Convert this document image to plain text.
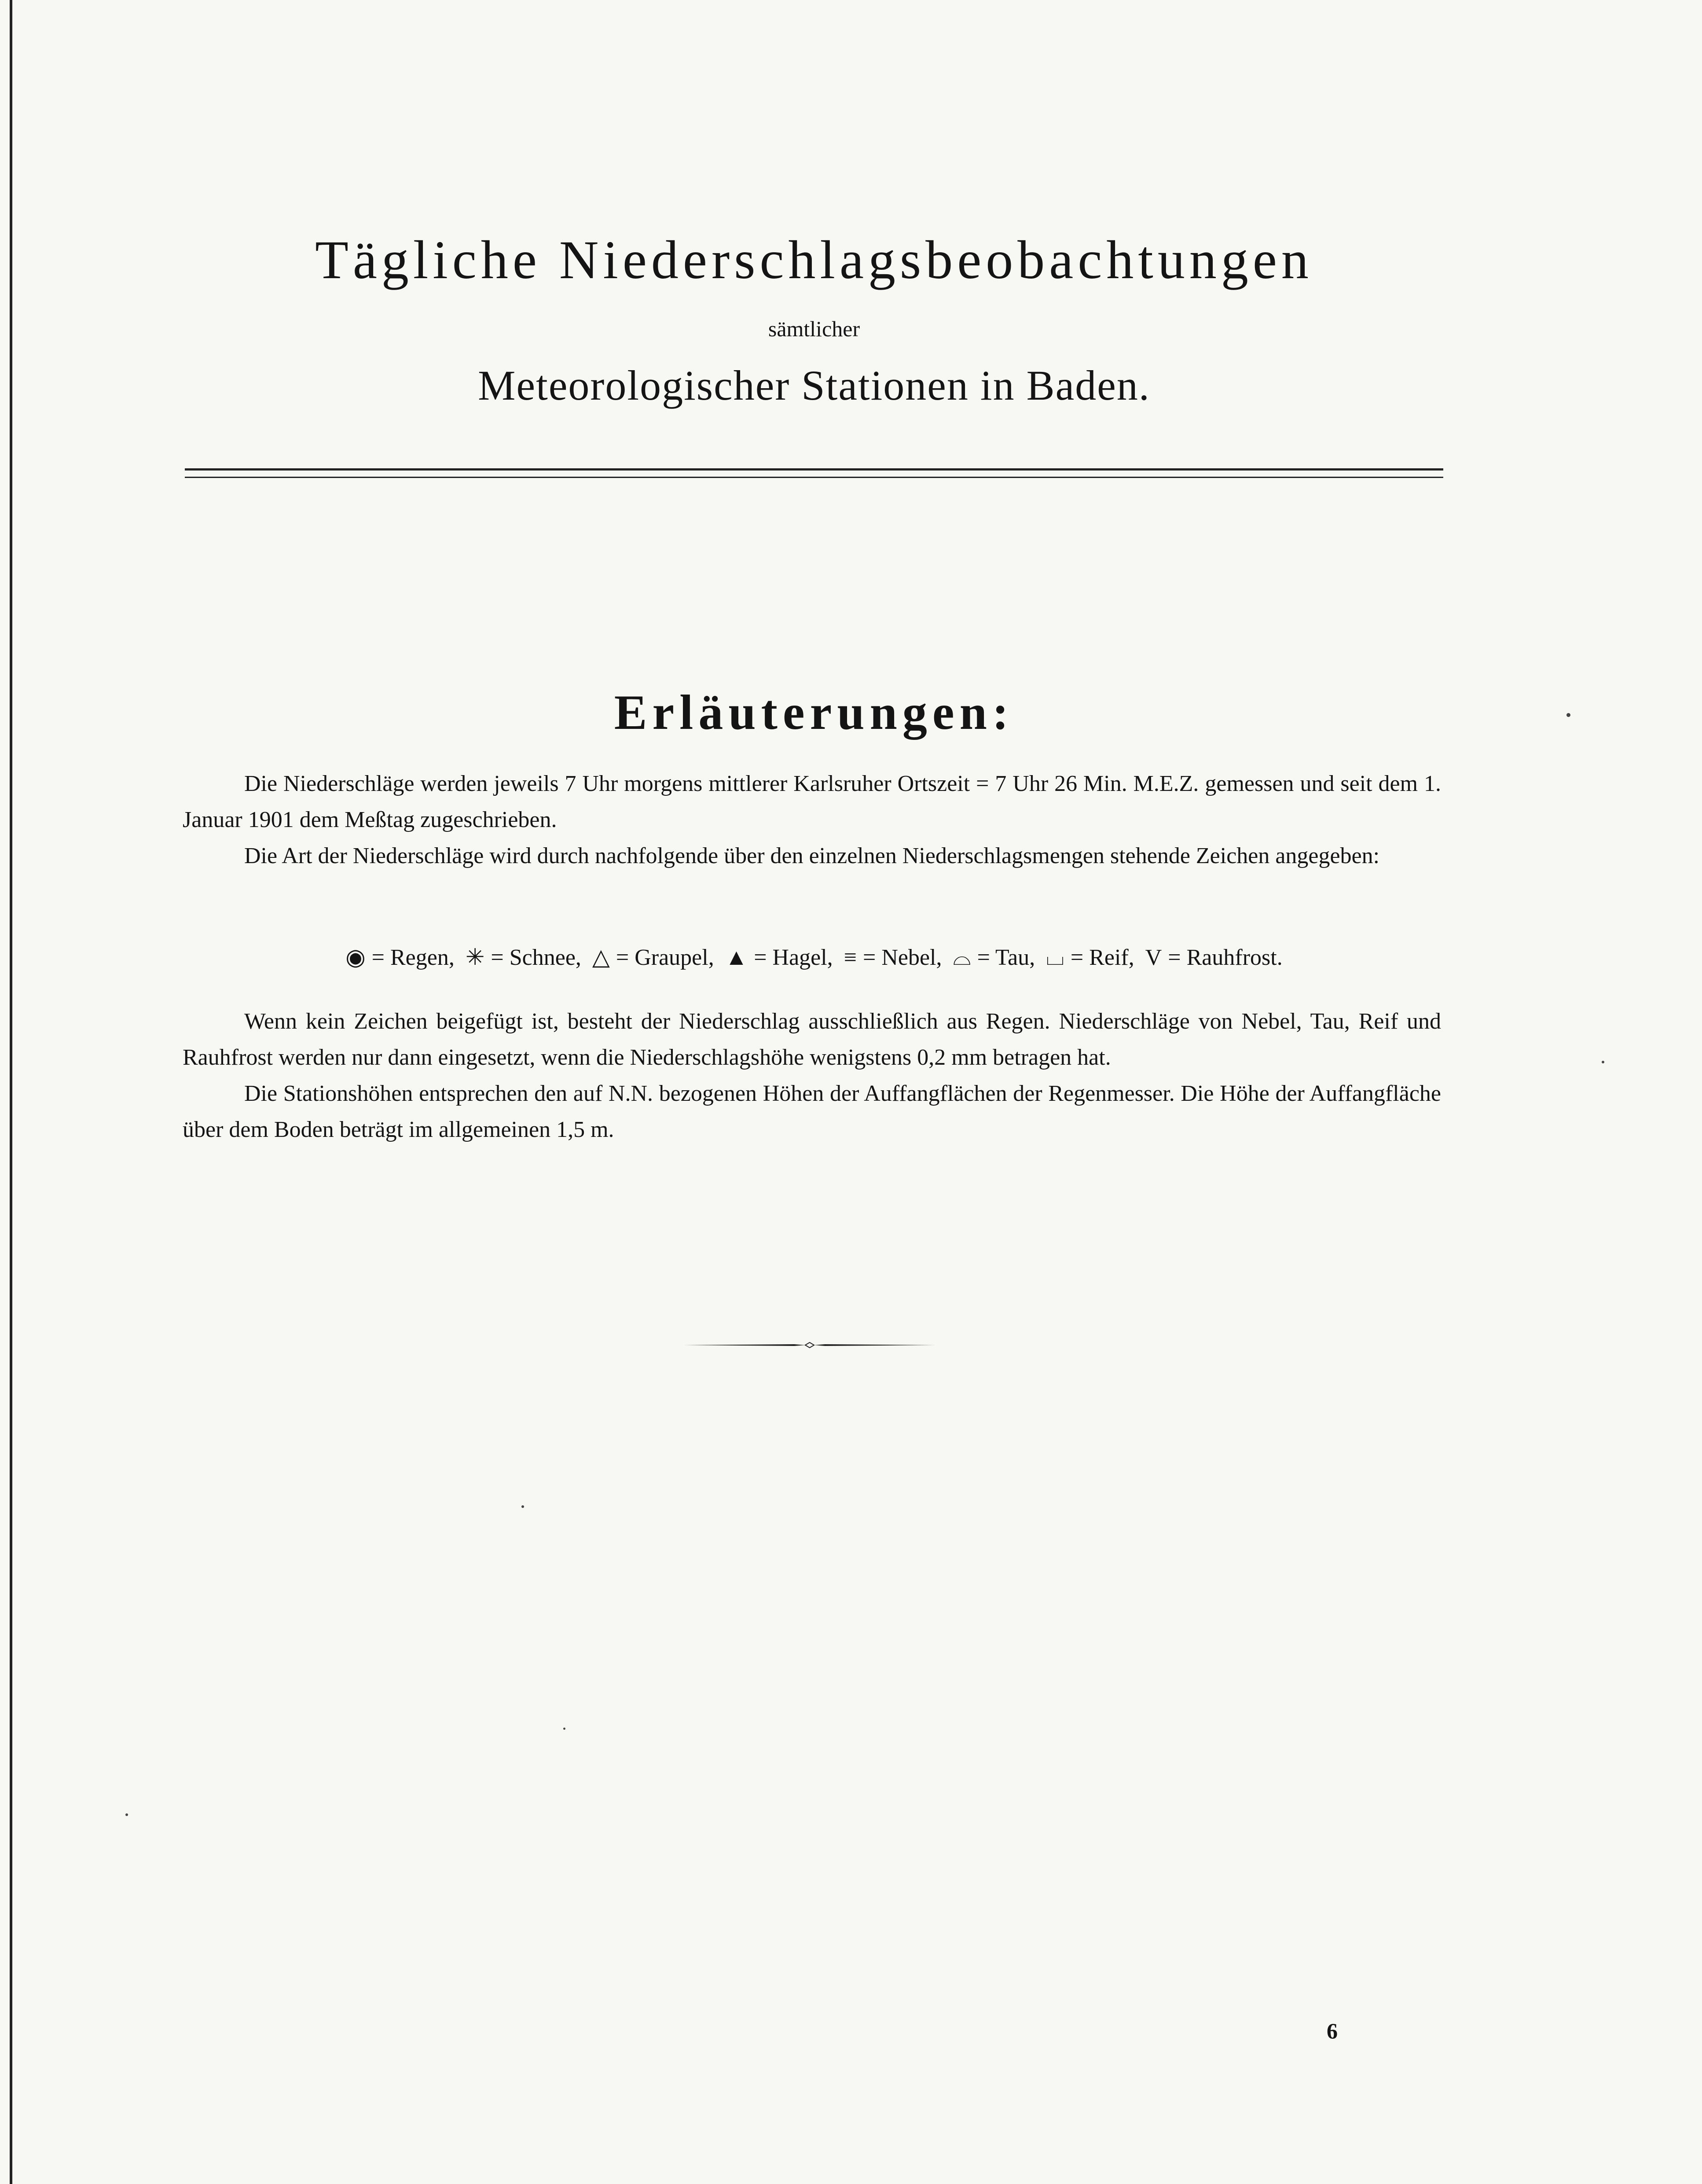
Tägliche Niederschlagsbeobachtungen
sämtlicher
Meteorologischer Stationen in Baden.
Erläuterungen:

Die Niederschläge werden jeweils 7 Uhr morgens mittlerer Karlsruher Ortszeit = 7 Uhr 26 Min. M.E.Z. gemessen und seit dem 1. Januar 1901 dem Meßtag zugeschrieben.

Die Art der Niederschläge wird durch nachfolgende über den einzelnen Niederschlagsmengen stehende Zeichen angegeben:

◉ = Regen, ✳ = Schnee, △ = Graupel, ▲ = Hagel, ≡ = Nebel, ⌓ = Tau, ⌴ = Reif, V = Rauhfrost.

Wenn kein Zeichen beigefügt ist, besteht der Niederschlag ausschließlich aus Regen. Niederschläge von Nebel, Tau, Reif und Rauhfrost werden nur dann eingesetzt, wenn die Niederschlagshöhe wenigstens 0,2 mm betragen hat.

Die Stationshöhen entsprechen den auf N.N. bezogenen Höhen der Auffangflächen der Regenmesser. Die Höhe der Auffangfläche über dem Boden beträgt im allgemeinen 1,5 m.

6
